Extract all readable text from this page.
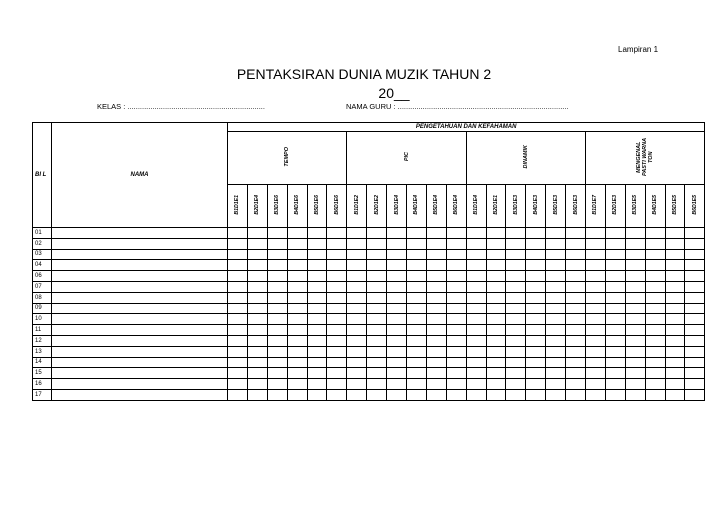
Lampiran 1
PENTAKSIRAN DUNIA MUZIK TAHUN 2
20__
KELAS : ..................................................................	NAMA GURU : ..................................................................................
BI L	NAMA	PENGETAHUAN DAN KEFAHAMAN																							
		TEMPO						PIC						DINAMIK						MENGENAL PASTI WARNA TON					
		B1D1E1	B2D1E4	B3D1E6	B4D1E6	B5D1E6	B6D1E6	B1D1E2	B2D1E2	B3D1E4	B4D1E4	B5D1E4	B6D1E4	B1D1E4	B2D1E1	B3D1E3	B4D1E3	B5D1E3	B6D1E3	B1D1E7	B2D1E3	B3D1E5	B4D1E5	B5D1E5	B6D1E5
01																									
02																									
03																									
04																									
06																									
07																									
08																									
09																									
10																									
11																									
12																									
13																									
14																									
15																									
16																									
17																									
